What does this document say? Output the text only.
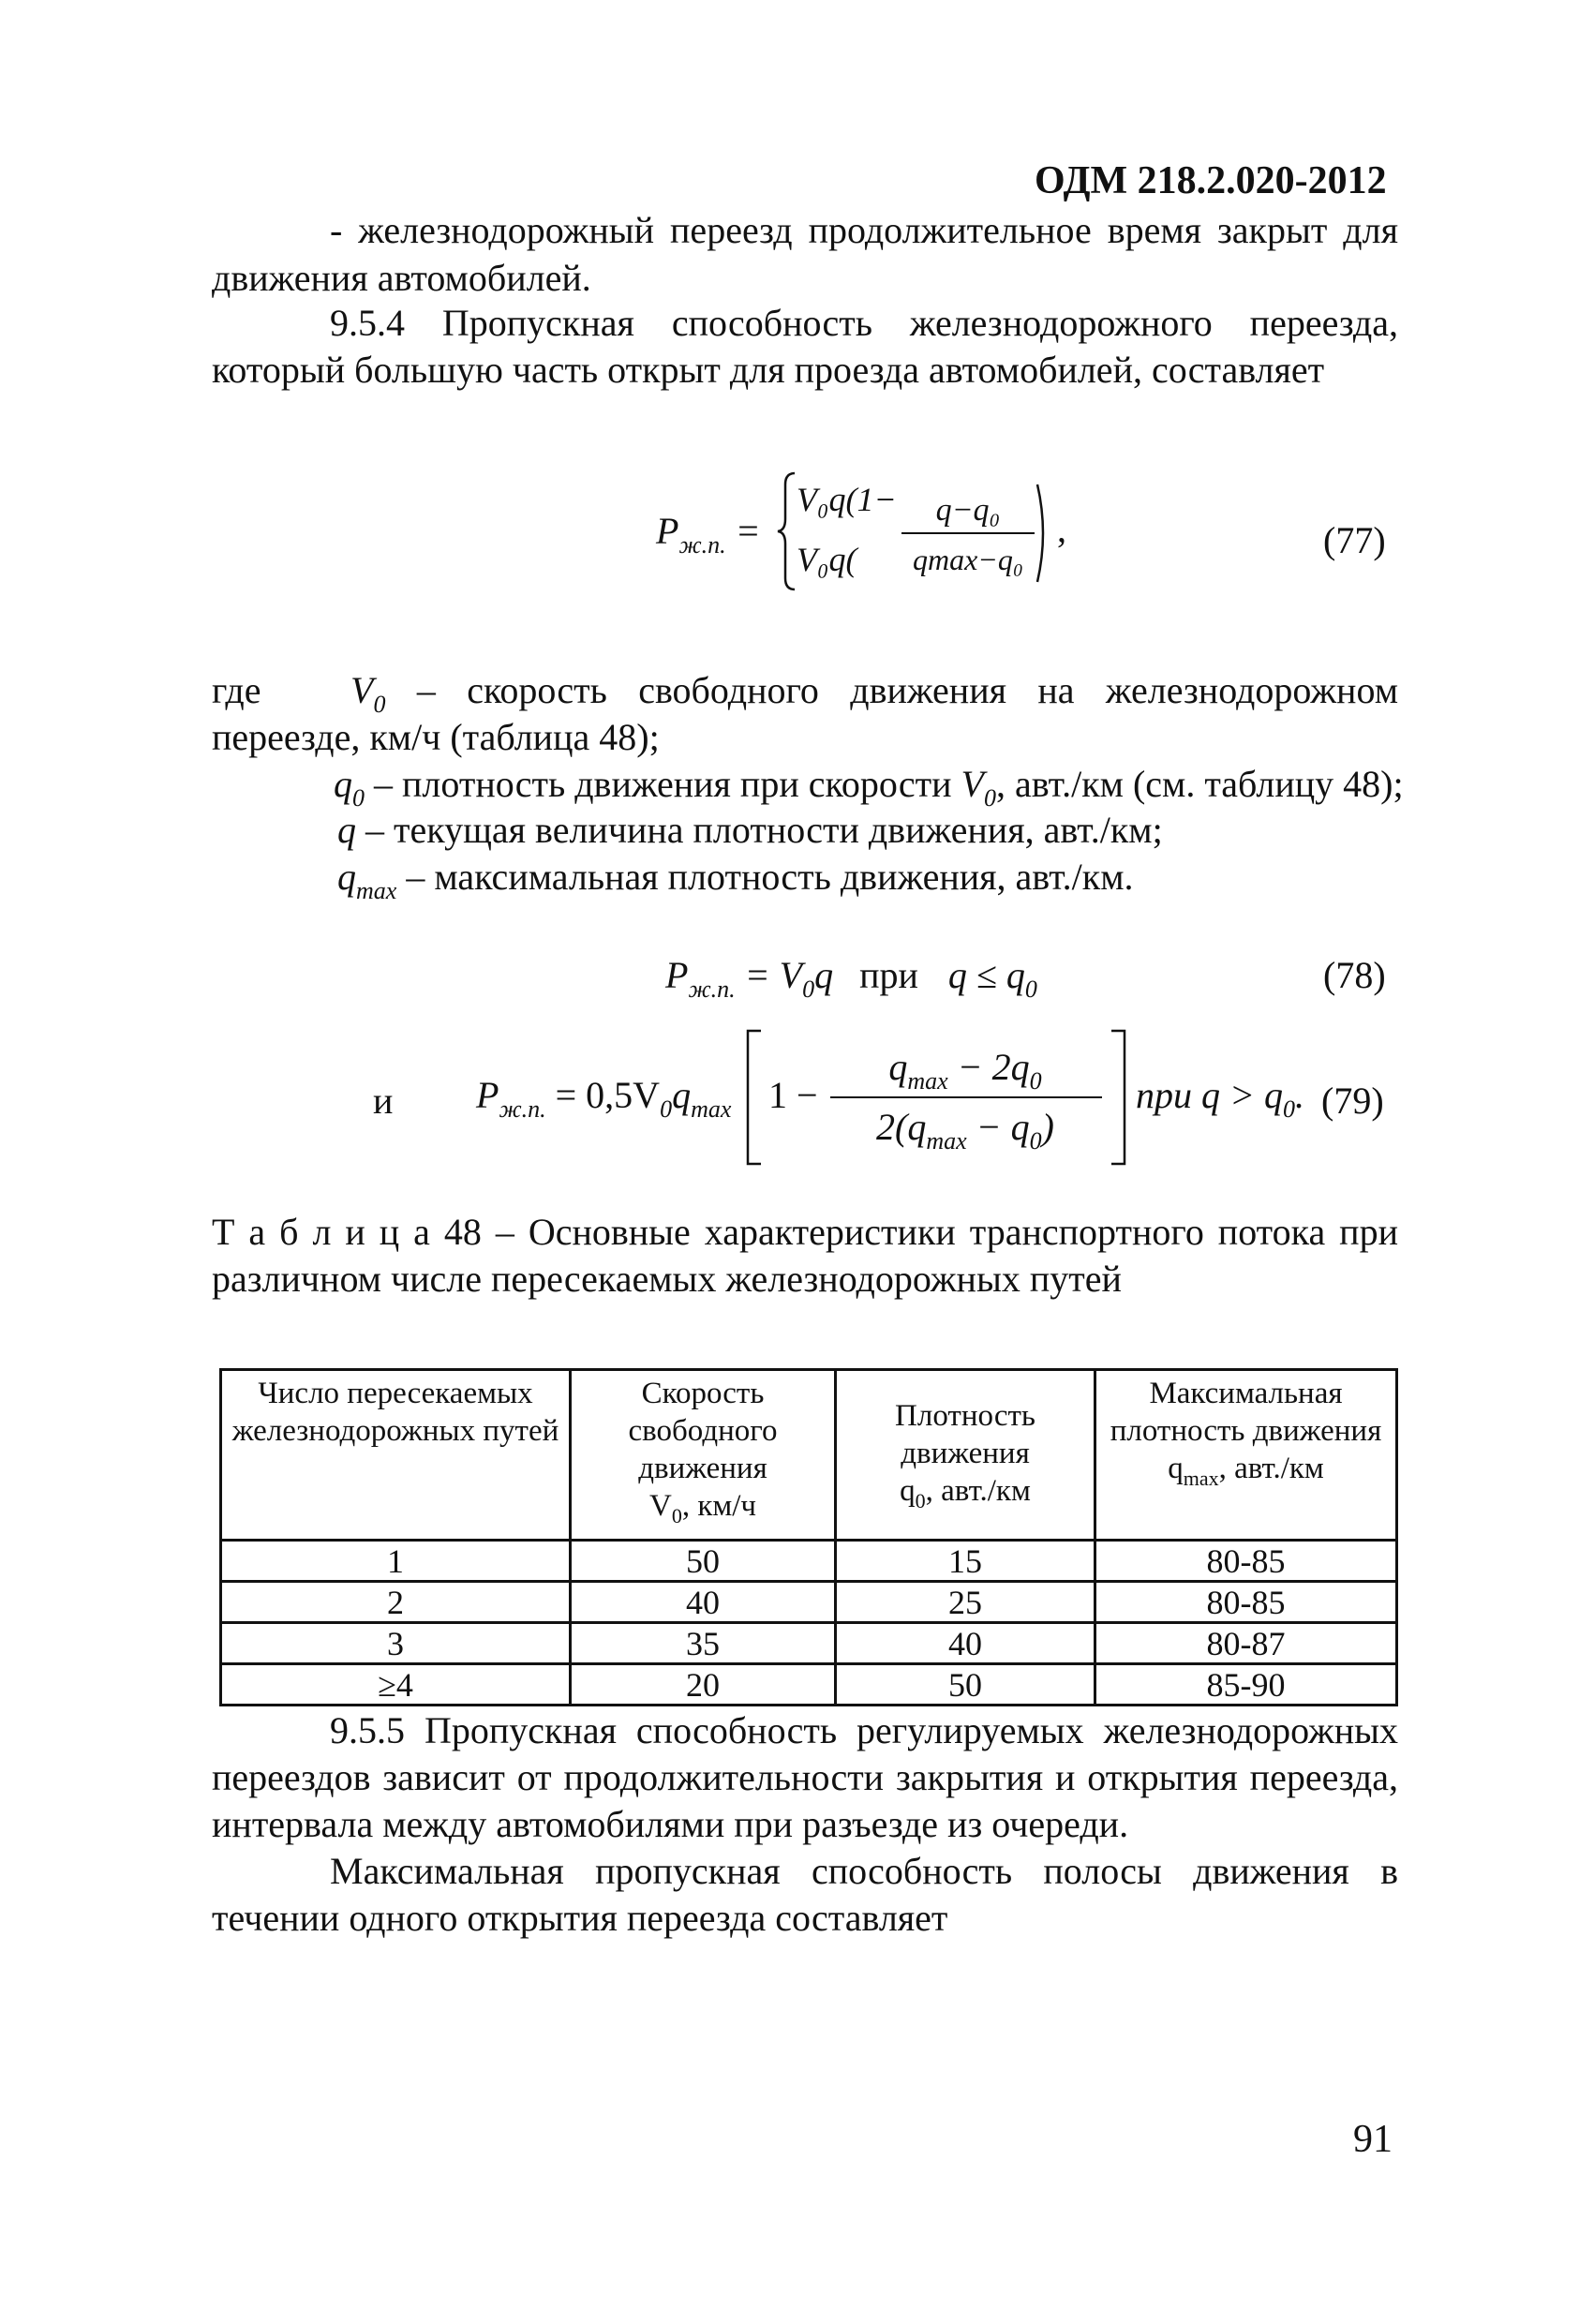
ОДМ 218.2.020-2012
- железнодорожный переезд продолжительное время закрыт для
движения автомобилей.
9.5.4 Пропускная способность железнодорожного переезда,
который большую часть открыт для проезда автомобилей, составляет
$P_{ж.п.}$ =
V₀q(1−
V₀q(
q−q₀
qmax−q₀
,	(77)
где $V_0$ – скорость свободного движения на железнодорожном
переезде, км/ч (таблица 48);
$q_0$ – плотность движения при скорости $V_0$, авт./км (см. таблицу 48);
q – текущая величина плотности движения, авт./км;
$q_{max}$ – максимальная плотность движения, авт./км.
$P_{ж.п.} = V_0q$ при $q \le q_0$	(78)
и $P_{ж.п.} = 0,5V_0q_{max}$ 1 −
$q_{max} - 2q_0$
$2(q_{max} - q_0)$
при $q > q_0$. (79)
Т а б л и ц а 48 – Основные характеристики транспортного потока при
различном числе пересекаемых железнодорожных путей
Число пересекаемых железнодорожных путей	Скорость свободного движения
$V_0$, км/ч	Плотность движения
$q_0$, авт./км	Максимальная плотность движения
$q_{max}$, авт./км
1	50	15	80-85
2	40	25	80-85
3	35	40	80-87
≥4	20	50	85-90
9.5.5 Пропускная способность регулируемых железнодорожных
переездов зависит от продолжительности закрытия и открытия переезда,
интервала между автомобилями при разъезде из очереди.
Максимальная пропускная способность полосы движения в
течении одного открытия переезда составляет
91
